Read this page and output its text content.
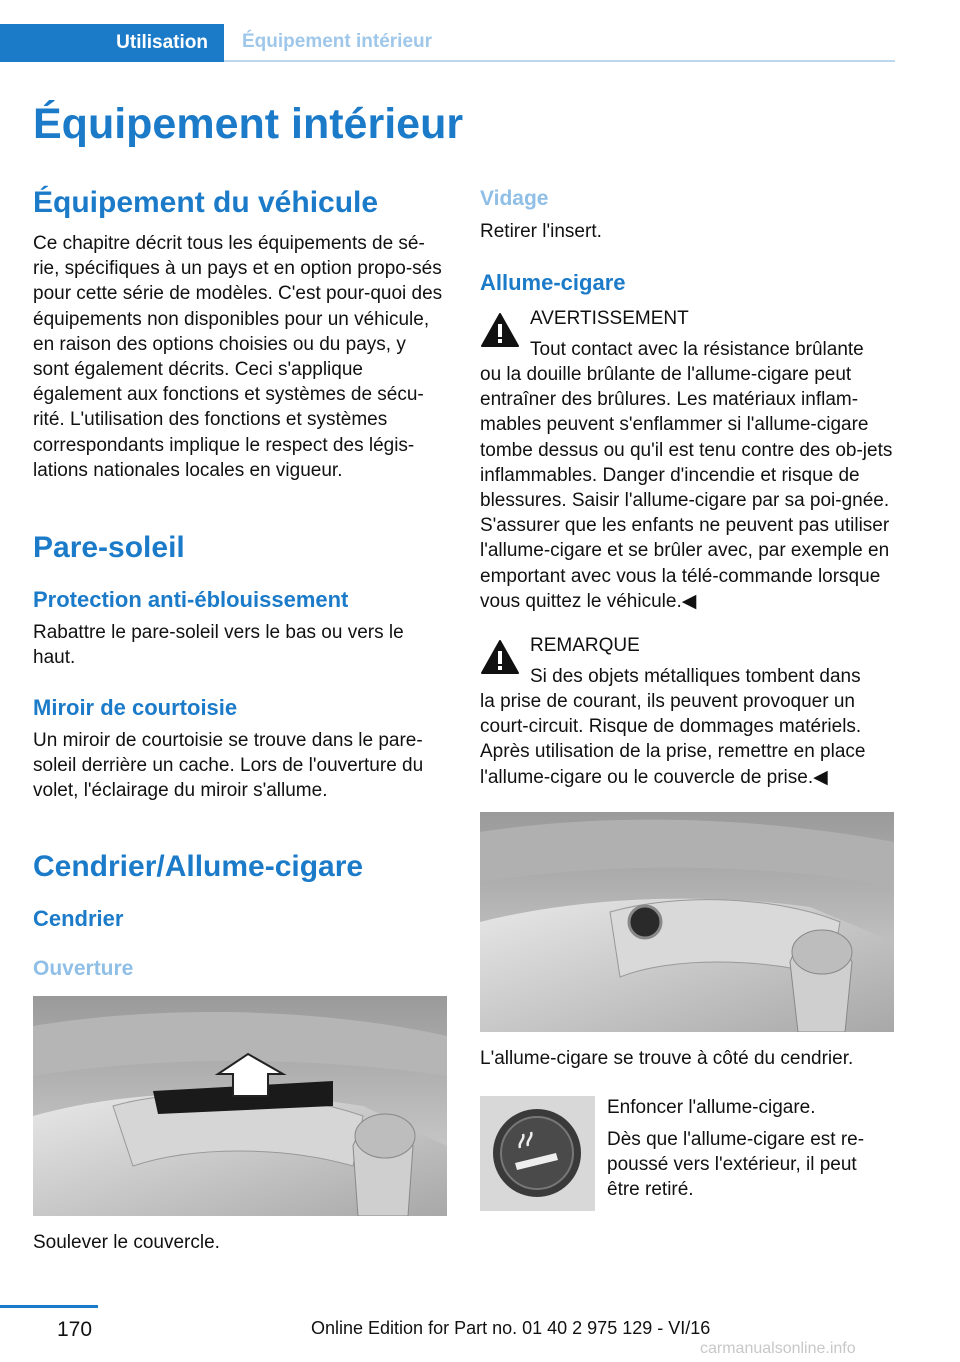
Utilisation	Équipement intérieur
Équipement intérieur
Équipement du véhicule

Ce chapitre décrit tous les équipements de sé‐rie, spécifiques à un pays et en option propo‐sés pour cette série de modèles. C'est pour‐quoi des équipements non disponibles pour un véhicule, en raison des options choisies ou du pays, y sont également décrits. Ceci s'applique également aux fonctions et systèmes de sécu‐rité. L'utilisation des fonctions et systèmes correspondants implique le respect des légis‐lations nationales locales en vigueur.

Pare-soleil
Protection anti-éblouissement

Rabattre le pare-soleil vers le bas ou vers le haut.

Miroir de courtoisie

Un miroir de courtoisie se trouve dans le pare-soleil derrière un cache. Lors de l'ouverture du volet, l'éclairage du miroir s'allume.

Cendrier/Allume-cigare
Cendrier
Ouverture

Soulever le couvercle.

Vidage

Retirer l'insert.

Allume-cigare

AVERTISSEMENT

Tout contact avec la résistance brûlante

ou la douille brûlante de l'allume-cigare peut entraîner des brûlures. Les matériaux inflam‐mables peuvent s'enflammer si l'allume-cigare tombe dessus ou qu'il est tenu contre des ob‐jets inflammables. Danger d'incendie et risque de blessures. Saisir l'allume-cigare par sa poi‐gnée. S'assurer que les enfants ne peuvent pas utiliser l'allume-cigare et se brûler avec, par exemple en emportant avec vous la télé‐commande lorsque vous quittez le véhicule.◀

REMARQUE

Si des objets métalliques tombent dans

la prise de courant, ils peuvent provoquer un court-circuit. Risque de dommages matériels. Après utilisation de la prise, remettre en place l'allume-cigare ou le couvercle de prise.◀

L'allume-cigare se trouve à côté du cendrier.

Enfoncer l'allume-cigare.

Dès que l'allume-cigare est re‐poussé vers l'extérieur, il peut être retiré.

170	Online Edition for Part no. 01 40 2 975 129 - VI/16
carmanualsonline.info
